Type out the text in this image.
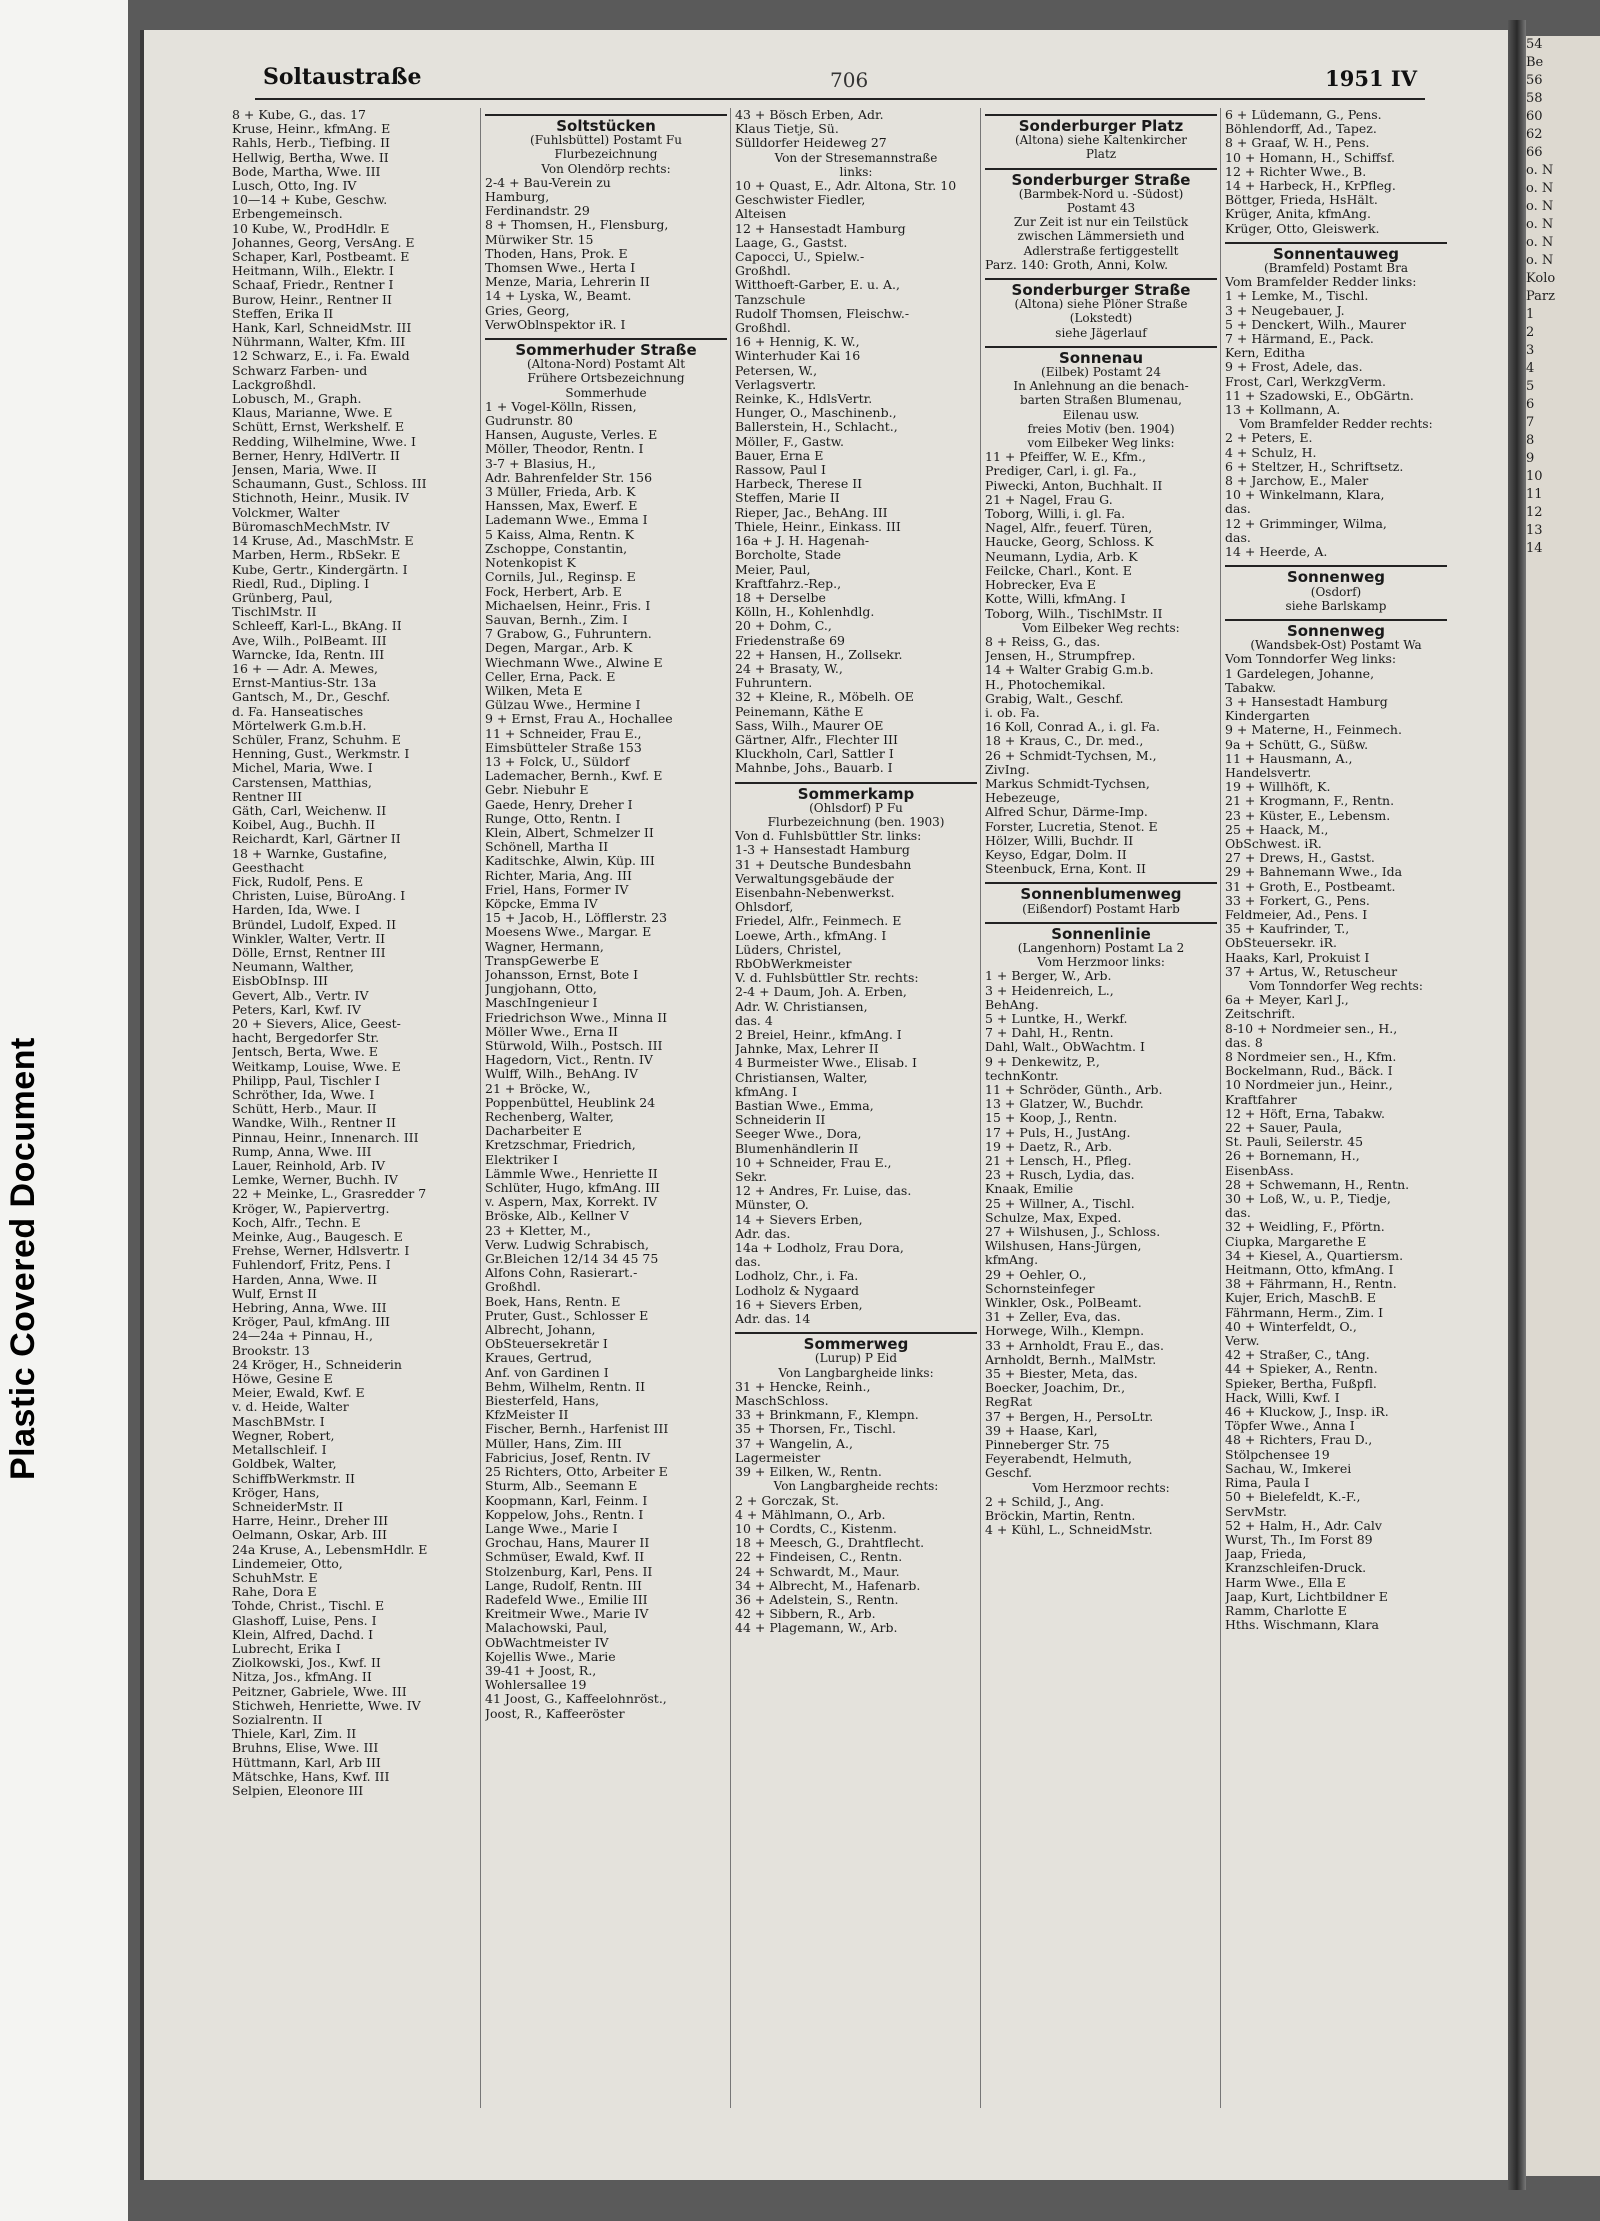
Plastic Covered Document
54
Be
56
58
60
62
66
o. N
o. N
o. N
o. N
o. N
o. N
Kolo
Parz
1
2
3
4
5
6
7
8
9
10
11
12
13
14
Soltaustraße	706	1951 IV
8 + Kube, G., das. 17
Kruse, Heinr., kfmAng. E
Rahls, Herb., Tiefbing. II
Hellwig, Bertha, Wwe. II
Bode, Martha, Wwe. III
Lusch, Otto, Ing. IV
10—14 + Kube, Geschw.
Erbengemeinsch.
10 Kube, W., ProdHdlr. E
Johannes, Georg, VersAng. E
Schaper, Karl, Postbeamt. E
Heitmann, Wilh., Elektr. I
Schaaf, Friedr., Rentner I
Burow, Heinr., Rentner II
Steffen, Erika II
Hank, Karl, SchneidMstr. III
Nührmann, Walter, Kfm. III
12 Schwarz, E., i. Fa. Ewald
Schwarz Farben- und
Lackgroßhdl.
Lobusch, M., Graph.
Klaus, Marianne, Wwe. E
Schütt, Ernst, Werkshelf. E
Redding, Wilhelmine, Wwe. I
Berner, Henry, HdlVertr. II
Jensen, Maria, Wwe. II
Schaumann, Gust., Schloss. III
Stichnoth, Heinr., Musik. IV
Volckmer, Walter
BüromaschMechMstr. IV
14 Kruse, Ad., MaschMstr. E
Marben, Herm., RbSekr. E
Kube, Gertr., Kindergärtn. I
Riedl, Rud., Dipling. I
Grünberg, Paul,
TischlMstr. II
Schleeff, Karl-L., BkAng. II
Ave, Wilh., PolBeamt. III
Warncke, Ida, Rentn. III
16 + — Adr. A. Mewes,
Ernst-Mantius-Str. 13a
Gantsch, M., Dr., Geschf.
d. Fa. Hanseatisches
Mörtelwerk G.m.b.H.
Schüler, Franz, Schuhm. E
Henning, Gust., Werkmstr. I
Michel, Maria, Wwe. I
Carstensen, Matthias,
Rentner III
Gäth, Carl, Weichenw. II
Koibel, Aug., Buchh. II
Reichardt, Karl, Gärtner II
18 + Warnke, Gustafine,
Geesthacht
Fick, Rudolf, Pens. E
Christen, Luise, BüroAng. I
Harden, Ida, Wwe. I
Bründel, Ludolf, Exped. II
Winkler, Walter, Vertr. II
Dölle, Ernst, Rentner III
Neumann, Walther,
EisbObInsp. III
Gevert, Alb., Vertr. IV
Peters, Karl, Kwf. IV
20 + Sievers, Alice, Geest-
hacht, Bergedorfer Str.
Jentsch, Berta, Wwe. E
Weitkamp, Louise, Wwe. E
Philipp, Paul, Tischler I
Schröther, Ida, Wwe. I
Schütt, Herb., Maur. II
Wandke, Wilh., Rentner II
Pinnau, Heinr., Innenarch. III
Rump, Anna, Wwe. III
Lauer, Reinhold, Arb. IV
Lemke, Werner, Buchh. IV
22 + Meinke, L., Grasredder 7
Kröger, W., Papiervertrg.
Koch, Alfr., Techn. E
Meinke, Aug., Baugesch. E
Frehse, Werner, Hdlsvertr. I
Fuhlendorf, Fritz, Pens. I
Harden, Anna, Wwe. II
Wulf, Ernst II
Hebring, Anna, Wwe. III
Kröger, Paul, kfmAng. III
24—24a + Pinnau, H.,
Brookstr. 13
24 Kröger, H., Schneiderin
Höwe, Gesine E
Meier, Ewald, Kwf. E
v. d. Heide, Walter
MaschBMstr. I
Wegner, Robert,
Metallschleif. I
Goldbek, Walter,
SchiffbWerkmstr. II
Kröger, Hans,
SchneiderMstr. II
Harre, Heinr., Dreher III
Oelmann, Oskar, Arb. III
24a Kruse, A., LebensmHdlr. E
Lindemeier, Otto,
SchuhMstr. E
Rahe, Dora E
Tohde, Christ., Tischl. E
Glashoff, Luise, Pens. I
Klein, Alfred, Dachd. I
Lubrecht, Erika I
Ziolkowski, Jos., Kwf. II
Nitza, Jos., kfmAng. II
Peitzner, Gabriele, Wwe. III
Stichweh, Henriette, Wwe. IV
Sozialrentn. II
Thiele, Karl, Zim. II
Bruhns, Elise, Wwe. III
Hüttmann, Karl, Arb III
Mätschke, Hans, Kwf. III
Selpien, Eleonore III
Soltstücken
(Fuhlsbüttel) Postamt Fu
Flurbezeichnung
Von Olendörp rechts:
2-4 + Bau-Verein zu
Hamburg,
Ferdinandstr. 29
8 + Thomsen, H., Flensburg,
Mürwiker Str. 15
Thoden, Hans, Prok. E
Thomsen Wwe., Herta I
Menze, Maria, Lehrerin II
14 + Lyska, W., Beamt.
Gries, Georg,
VerwOblnspektor iR. I
Sommerhuder Straße
(Altona-Nord) Postamt Alt
Frühere Ortsbezeichnung
Sommerhude
1 + Vogel-Kölln, Rissen,
Gudrunstr. 80
Hansen, Auguste, Verles. E
Möller, Theodor, Rentn. I
3-7 + Blasius, H.,
Adr. Bahrenfelder Str. 156
3 Müller, Frieda, Arb. K
Hanssen, Max, Ewerf. E
Lademann Wwe., Emma I
5 Kaiss, Alma, Rentn. K
Zschoppe, Constantin,
Notenkopist K
Cornils, Jul., Reginsp. E
Fock, Herbert, Arb. E
Michaelsen, Heinr., Fris. I
Sauvan, Bernh., Zim. I
7 Grabow, G., Fuhruntern.
Degen, Margar., Arb. K
Wiechmann Wwe., Alwine E
Celler, Erna, Pack. E
Wilken, Meta E
Gülzau Wwe., Hermine I
9 + Ernst, Frau A., Hochallee
11 + Schneider, Frau E.,
Eimsbütteler Straße 153
13 + Folck, U., Süldorf
Lademacher, Bernh., Kwf. E
Gebr. Niebuhr E
Gaede, Henry, Dreher I
Runge, Otto, Rentn. I
Klein, Albert, Schmelzer II
Schönell, Martha II
Kaditschke, Alwin, Küp. III
Richter, Maria, Ang. III
Friel, Hans, Former IV
Köpcke, Emma IV
15 + Jacob, H., Löfflerstr. 23
Moesens Wwe., Margar. E
Wagner, Hermann,
TranspGewerbe E
Johansson, Ernst, Bote I
Jungjohann, Otto,
MaschIngenieur I
Friedrichson Wwe., Minna II
Möller Wwe., Erna II
Stürwold, Wilh., Postsch. III
Hagedorn, Vict., Rentn. IV
Wulff, Wilh., BehAng. IV
21 + Bröcke, W.,
Poppenbüttel, Heublink 24
Rechenberg, Walter,
Dacharbeiter E
Kretzschmar, Friedrich,
Elektriker I
Lämmle Wwe., Henriette II
Schlüter, Hugo, kfmAng. III
v. Aspern, Max, Korrekt. IV
Bröske, Alb., Kellner V
23 + Kletter, M.,
Verw. Ludwig Schrabisch,
Gr.Bleichen 12/14 34 45 75
Alfons Cohn, Rasierart.-
Großhdl.
Boek, Hans, Rentn. E
Pruter, Gust., Schlosser E
Albrecht, Johann,
ObSteuersekretär I
Kraues, Gertrud,
Anf. von Gardinen I
Behm, Wilhelm, Rentn. II
Biesterfeld, Hans,
KfzMeister II
Fischer, Bernh., Harfenist III
Müller, Hans, Zim. III
Fabricius, Josef, Rentn. IV
25 Richters, Otto, Arbeiter E
Sturm, Alb., Seemann E
Koopmann, Karl, Feinm. I
Koppelow, Johs., Rentn. I
Lange Wwe., Marie I
Grochau, Hans, Maurer II
Schmüser, Ewald, Kwf. II
Stolzenburg, Karl, Pens. II
Lange, Rudolf, Rentn. III
Radefeld Wwe., Emilie III
Kreitmeir Wwe., Marie IV
Malachowski, Paul,
ObWachtmeister IV
Kojellis Wwe., Marie
39-41 + Joost, R.,
Wohlersallee 19
41 Joost, G., Kaffeelohnröst.,
Joost, R., Kaffeeröster
43 + Bösch Erben, Adr.
Klaus Tietje, Sü.
Sülldorfer Heideweg 27
Von der Stresemannstraße
links:
10 + Quast, E., Adr. Altona, Str. 10
Geschwister Fiedler,
Alteisen
12 + Hansestadt Hamburg
Laage, G., Gastst.
Capocci, U., Spielw.-
Großhdl.
Witthoeft-Garber, E. u. A.,
Tanzschule
Rudolf Thomsen, Fleischw.-
Großhdl.
16 + Hennig, K. W.,
Winterhuder Kai 16
Petersen, W.,
Verlagsvertr.
Reinke, K., HdlsVertr.
Hunger, O., Maschinenb.,
Ballerstein, H., Schlacht.,
Möller, F., Gastw.
Bauer, Erna E
Rassow, Paul I
Harbeck, Therese II
Steffen, Marie II
Rieper, Jac., BehAng. III
Thiele, Heinr., Einkass. III
16a + J. H. Hagenah-
Borcholte, Stade
Meier, Paul,
Kraftfahrz.-Rep.,
18 + Derselbe
Kölln, H., Kohlenhdlg.
20 + Dohm, C.,
Friedenstraße 69
22 + Hansen, H., Zollsekr.
24 + Brasaty, W.,
Fuhruntern.
32 + Kleine, R., Möbelh. OE
Peinemann, Käthe E
Sass, Wilh., Maurer OE
Gärtner, Alfr., Flechter III
Kluckholn, Carl, Sattler I
Mahnbe, Johs., Bauarb. I
Sommerkamp
(Ohlsdorf) P Fu
Flurbezeichnung (ben. 1903)
Von d. Fuhlsbüttler Str. links:
1-3 + Hansestadt Hamburg
31 + Deutsche Bundesbahn
Verwaltungsgebäude der
Eisenbahn-Nebenwerkst.
Ohlsdorf,
Friedel, Alfr., Feinmech. E
Loewe, Arth., kfmAng. I
Lüders, Christel,
RbObWerkmeister
V. d. Fuhlsbüttler Str. rechts:
2-4 + Daum, Joh. A. Erben,
Adr. W. Christiansen,
das. 4
2 Breiel, Heinr., kfmAng. I
Jahnke, Max, Lehrer II
4 Burmeister Wwe., Elisab. I
Christiansen, Walter,
kfmAng. I
Bastian Wwe., Emma,
Schneiderin II
Seeger Wwe., Dora,
Blumenhändlerin II
10 + Schneider, Frau E.,
Sekr.
12 + Andres, Fr. Luise, das.
Münster, O.
14 + Sievers Erben,
Adr. das.
14a + Lodholz, Frau Dora,
das.
Lodholz, Chr., i. Fa.
Lodholz & Nygaard
16 + Sievers Erben,
Adr. das. 14
Sommerweg
(Lurup) P Eid
Von Langbargheide links:
31 + Hencke, Reinh.,
MaschSchloss.
33 + Brinkmann, F., Klempn.
35 + Thorsen, Fr., Tischl.
37 + Wangelin, A.,
Lagermeister
39 + Eilken, W., Rentn.
Von Langbargheide rechts:
2 + Gorczak, St.
4 + Mählmann, O., Arb.
10 + Cordts, C., Kistenm.
18 + Meesch, G., Drahtflecht.
22 + Findeisen, C., Rentn.
24 + Schwardt, M., Maur.
34 + Albrecht, M., Hafenarb.
36 + Adelstein, S., Rentn.
42 + Sibbern, R., Arb.
44 + Plagemann, W., Arb.
Sonderburger Platz
(Altona) siehe Kaltenkircher
Platz
Sonderburger Straße
(Barmbek-Nord u. -Südost)
Postamt 43
Zur Zeit ist nur ein Teilstück
zwischen Lämmersieth und
Adlerstraße fertiggestellt
Parz. 140: Groth, Anni, Kolw.
Sonderburger Straße
(Altona) siehe Plöner Straße
(Lokstedt)
siehe Jägerlauf
Sonnenau
(Eilbek) Postamt 24
In Anlehnung an die benach-
barten Straßen Blumenau,
Eilenau usw.
freies Motiv (ben. 1904)
vom Eilbeker Weg links:
11 + Pfeiffer, W. E., Kfm.,
Prediger, Carl, i. gl. Fa.,
Piwecki, Anton, Buchhalt. II
21 + Nagel, Frau G.
Toborg, Willi, i. gl. Fa.
Nagel, Alfr., feuerf. Türen,
Haucke, Georg, Schloss. K
Neumann, Lydia, Arb. K
Feilcke, Charl., Kont. E
Hobrecker, Eva E
Kotte, Willi, kfmAng. I
Toborg, Wilh., TischlMstr. II
Vom Eilbeker Weg rechts:
8 + Reiss, G., das.
Jensen, H., Strumpfrep.
14 + Walter Grabig G.m.b.
H., Photochemikal.
Grabig, Walt., Geschf.
i. ob. Fa.
16 Koll, Conrad A., i. gl. Fa.
18 + Kraus, C., Dr. med.,
26 + Schmidt-Tychsen, M.,
ZivIng.
Markus Schmidt-Tychsen,
Hebezeuge,
Alfred Schur, Därme-Imp.
Forster, Lucretia, Stenot. E
Hölzer, Willi, Buchdr. II
Keyso, Edgar, Dolm. II
Steenbuck, Erna, Kont. II
Sonnenblumenweg
(Eißendorf) Postamt Harb
Sonnenlinie
(Langenhorn) Postamt La 2
Vom Herzmoor links:
1 + Berger, W., Arb.
3 + Heidenreich, L.,
BehAng.
5 + Luntke, H., Werkf.
7 + Dahl, H., Rentn.
Dahl, Walt., ObWachtm. I
9 + Denkewitz, P.,
technKontr.
11 + Schröder, Günth., Arb.
13 + Glatzer, W., Buchdr.
15 + Koop, J., Rentn.
17 + Puls, H., JustAng.
19 + Daetz, R., Arb.
21 + Lensch, H., Pfleg.
23 + Rusch, Lydia, das.
Knaak, Emilie
25 + Willner, A., Tischl.
Schulze, Max, Exped.
27 + Wilshusen, J., Schloss.
Wilshusen, Hans-Jürgen,
kfmAng.
29 + Oehler, O.,
Schornsteinfeger
Winkler, Osk., PolBeamt.
31 + Zeller, Eva, das.
Horwege, Wilh., Klempn.
33 + Arnholdt, Frau E., das.
Arnholdt, Bernh., MalMstr.
35 + Biester, Meta, das.
Boecker, Joachim, Dr.,
RegRat
37 + Bergen, H., PersoLtr.
39 + Haase, Karl,
Pinneberger Str. 75
Feyerabendt, Helmuth,
Geschf.
Vom Herzmoor rechts:
2 + Schild, J., Ang.
Bröckin, Martin, Rentn.
4 + Kühl, L., SchneidMstr.
6 + Lüdemann, G., Pens.
Böhlendorff, Ad., Tapez.
8 + Graaf, W. H., Pens.
10 + Homann, H., Schiffsf.
12 + Richter Wwe., B.
14 + Harbeck, H., KrPfleg.
Böttger, Frieda, HsHält.
Krüger, Anita, kfmAng.
Krüger, Otto, Gleiswerk.
Sonnentauweg
(Bramfeld) Postamt Bra
Vom Bramfelder Redder links:
1 + Lemke, M., Tischl.
3 + Neugebauer, J.
5 + Denckert, Wilh., Maurer
7 + Härmand, E., Pack.
Kern, Editha
9 + Frost, Adele, das.
Frost, Carl, WerkzgVerm.
11 + Szadowski, E., ObGärtn.
13 + Kollmann, A.
Vom Bramfelder Redder rechts:
2 + Peters, E.
4 + Schulz, H.
6 + Steltzer, H., Schriftsetz.
8 + Jarchow, E., Maler
10 + Winkelmann, Klara,
das.
12 + Grimminger, Wilma,
das.
14 + Heerde, A.
Sonnenweg
(Osdorf)
siehe Barlskamp
Sonnenweg
(Wandsbek-Ost) Postamt Wa
Vom Tonndorfer Weg links:
1 Gardelegen, Johanne,
Tabakw.
3 + Hansestadt Hamburg
Kindergarten
9 + Materne, H., Feinmech.
9a + Schütt, G., Süßw.
11 + Hausmann, A.,
Handelsvertr.
19 + Willhöft, K.
21 + Krogmann, F., Rentn.
23 + Küster, E., Lebensm.
25 + Haack, M.,
ObSchwest. iR.
27 + Drews, H., Gastst.
29 + Bahnemann Wwe., Ida
31 + Groth, E., Postbeamt.
33 + Forkert, G., Pens.
Feldmeier, Ad., Pens. I
35 + Kaufrinder, T.,
ObSteuersekr. iR.
Haaks, Karl, Prokuist I
37 + Artus, W., Retuscheur
Vom Tonndorfer Weg rechts:
6a + Meyer, Karl J.,
Zeitschrift.
8-10 + Nordmeier sen., H.,
das. 8
8 Nordmeier sen., H., Kfm.
Bockelmann, Rud., Bäck. I
10 Nordmeier jun., Heinr.,
Kraftfahrer
12 + Höft, Erna, Tabakw.
22 + Sauer, Paula,
St. Pauli, Seilerstr. 45
26 + Bornemann, H.,
EisenbAss.
28 + Schwemann, H., Rentn.
30 + Loß, W., u. P., Tiedje,
das.
32 + Weidling, F., Pförtn.
Ciupka, Margarethe E
34 + Kiesel, A., Quartiersm.
Heitmann, Otto, kfmAng. I
38 + Fährmann, H., Rentn.
Kujer, Erich, MaschB. E
Fährmann, Herm., Zim. I
40 + Winterfeldt, O.,
Verw.
42 + Straßer, C., tAng.
44 + Spieker, A., Rentn.
Spieker, Bertha, Fußpfl.
Hack, Willi, Kwf. I
46 + Kluckow, J., Insp. iR.
Töpfer Wwe., Anna I
48 + Richters, Frau D.,
Stölpchensee 19
Sachau, W., Imkerei
Rima, Paula I
50 + Bielefeldt, K.-F.,
ServMstr.
52 + Halm, H., Adr. Calv
Wurst, Th., Im Forst 89
Jaap, Frieda,
Kranzschleifen-Druck.
Harm Wwe., Ella E
Jaap, Kurt, Lichtbildner E
Ramm, Charlotte E
Hths. Wischmann, Klara
